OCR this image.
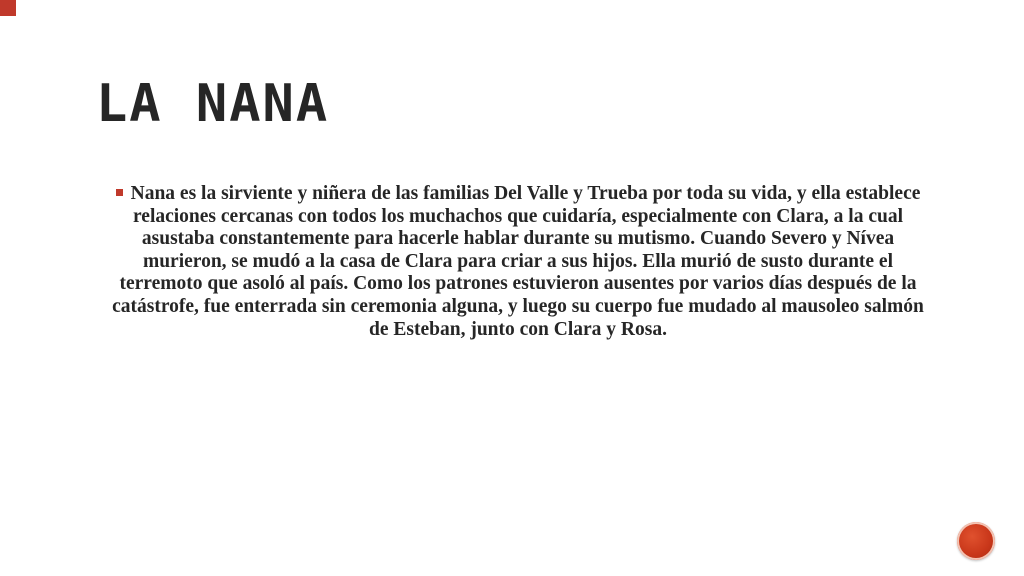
LA NANA

Nana es la sirviente y niñera de las familias Del Valle y Trueba por toda su vida, y ella establece relaciones cercanas con todos los muchachos que cuidaría, especialmente con Clara, a la cual asustaba constantemente para hacerle hablar durante su mutismo. Cuando Severo y Nívea murieron, se mudó a la casa de Clara para criar a sus hijos. Ella murió de susto durante el terremoto que asoló al país. Como los patrones estuvieron ausentes por varios días después de la catástrofe, fue enterrada sin ceremonia alguna, y luego su cuerpo fue mudado al mausoleo salmón de Esteban, junto con Clara y Rosa.
